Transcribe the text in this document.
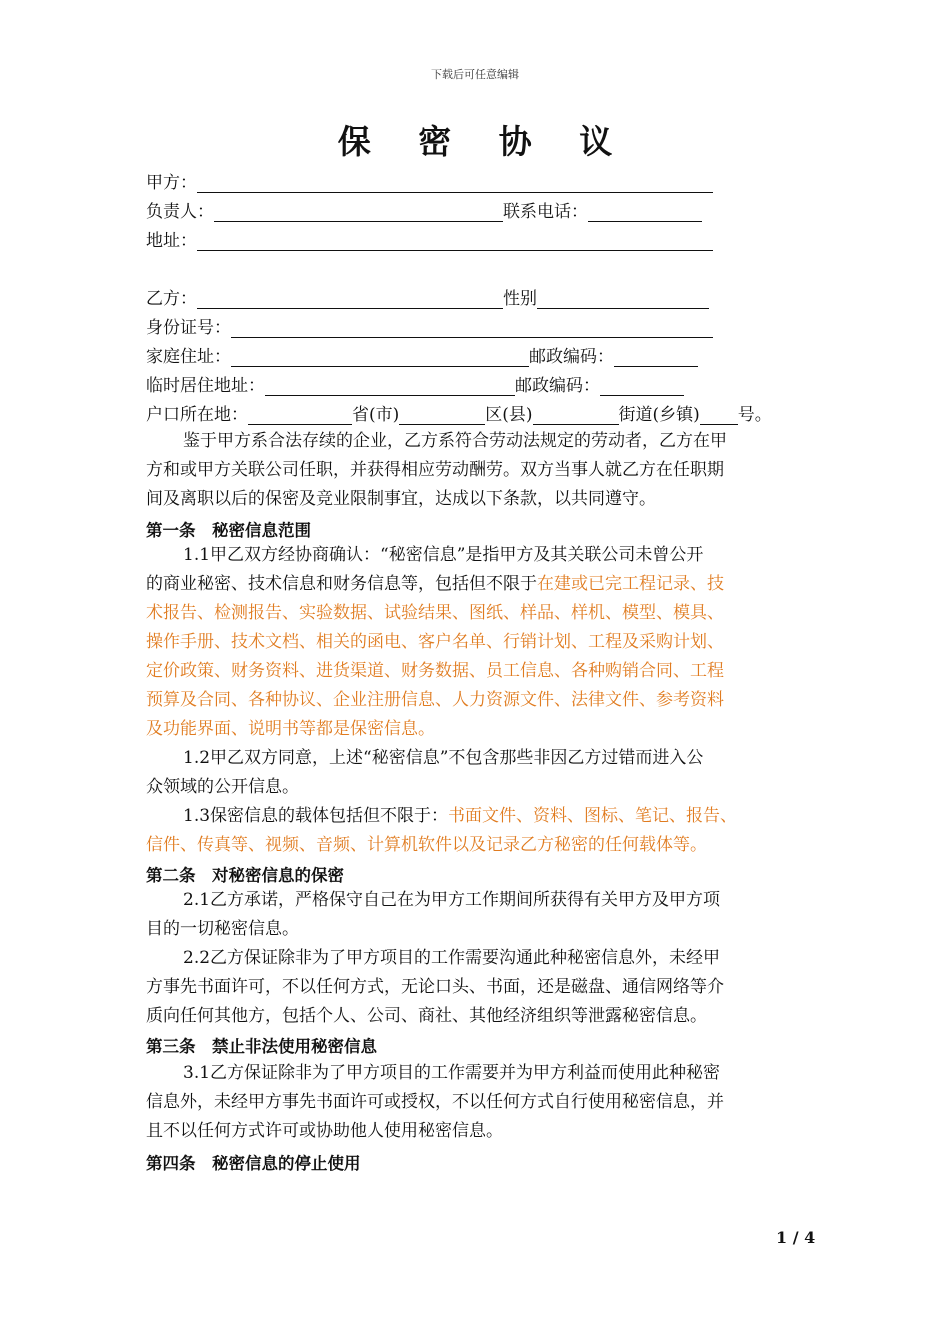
下载后可任意编辑
保 密 协 议
甲方：
负责人：	联系电话：
地址：
乙方：	性别
身份证号：
家庭住址：	邮政编码：
临时居住地址：	邮政编码：
户口所在地：	省(市)	区(县)	街道(乡镇) 号。
鉴于甲方系合法存续的企业，乙方系符合劳动法规定的劳动者，乙方在甲
方和或甲方关联公司任职，并获得相应劳动酬劳。双方当事人就乙方在任职期
间及离职以后的保密及竞业限制事宜，达成以下条款，以共同遵守。
第一条　秘密信息范围
1.1甲乙双方经协商确认：“秘密信息”是指甲方及其关联公司未曾公开
的商业秘密、技术信息和财务信息等，包括但不限于在建或已完工程记录、技
术报告、检测报告、实验数据、试验结果、图纸、样品、样机、模型、模具、
操作手册、技术文档、相关的函电、客户名单、行销计划、工程及采购计划、
定价政策、财务资料、进货渠道、财务数据、员工信息、各种购销合同、工程
预算及合同、各种协议、企业注册信息、人力资源文件、法律文件、参考资料
及功能界面、说明书等都是保密信息。
1.2甲乙双方同意，上述“秘密信息”不包含那些非因乙方过错而进入公
众领域的公开信息。
1.3保密信息的载体包括但不限于：书面文件、资料、图标、笔记、报告、
信件、传真等、视频、音频、计算机软件以及记录乙方秘密的任何载体等。
第二条　对秘密信息的保密
2.1乙方承诺，严格保守自己在为甲方工作期间所获得有关甲方及甲方项
目的一切秘密信息。
2.2乙方保证除非为了甲方项目的工作需要沟通此种秘密信息外，未经甲
方事先书面许可，不以任何方式，无论口头、书面，还是磁盘、通信网络等介
质向任何其他方，包括个人、公司、商社、其他经济组织等泄露秘密信息。
第三条　禁止非法使用秘密信息
3.1乙方保证除非为了甲方项目的工作需要并为甲方利益而使用此种秘密
信息外，未经甲方事先书面许可或授权，不以任何方式自行使用秘密信息，并
且不以任何方式许可或协助他人使用秘密信息。
第四条　秘密信息的停止使用
1 / 4
